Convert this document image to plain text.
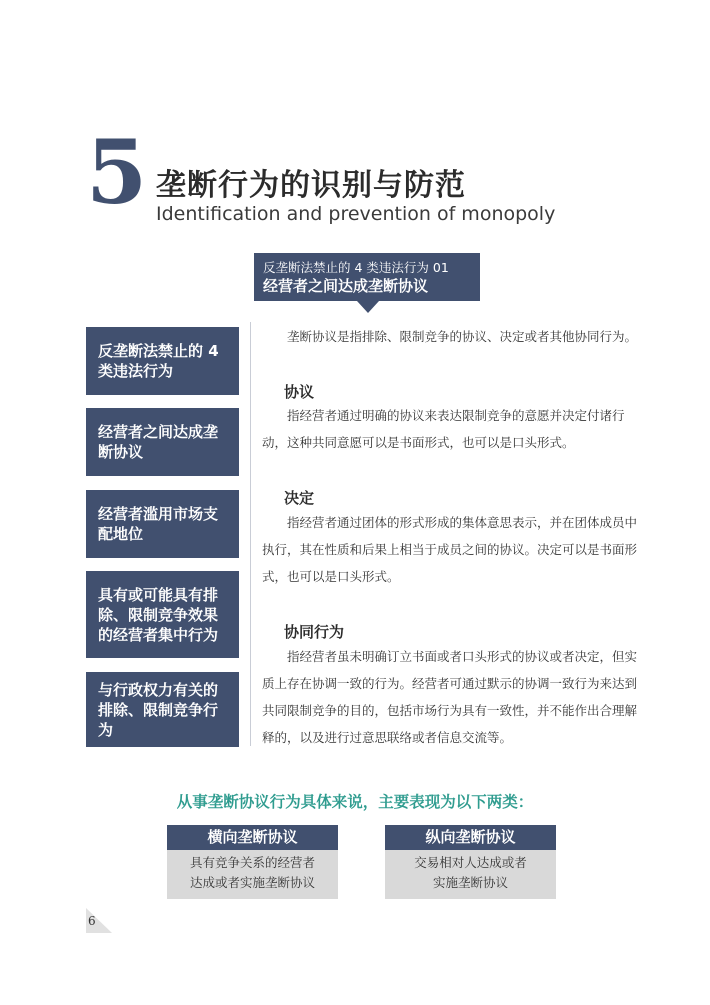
5 垄断行为的识别与防范
Identification and prevention of monopoly
反垄断法禁止的 4 类违法行为 01
经营者之间达成垄断协议
反垄断法禁止的 4 类违法行为
经营者之间达成垄断协议
经营者滥用市场支配地位
具有或可能具有排除、限制竞争效果的经营者集中行为
与行政权力有关的排除、限制竞争行为

垄断协议是指排除、限制竞争的协议、决定或者其他协同行为。

协议

指经营者通过明确的协议来表达限制竞争的意愿并决定付诸行动，这种共同意愿可以是书面形式，也可以是口头形式。

决定

指经营者通过团体的形式形成的集体意思表示，并在团体成员中执行，其在性质和后果上相当于成员之间的协议。决定可以是书面形式，也可以是口头形式。

协同行为

指经营者虽未明确订立书面或者口头形式的协议或者决定，但实质上存在协调一致的行为。经营者可通过默示的协调一致行为来达到共同限制竞争的目的，包括市场行为具有一致性，并不能作出合理解释的，以及进行过意思联络或者信息交流等。

从事垄断协议行为具体来说，主要表现为以下两类：
横向垄断协议
具有竞争关系的经营者
达成或者实施垄断协议
纵向垄断协议
交易相对人达成或者
实施垄断协议
6
